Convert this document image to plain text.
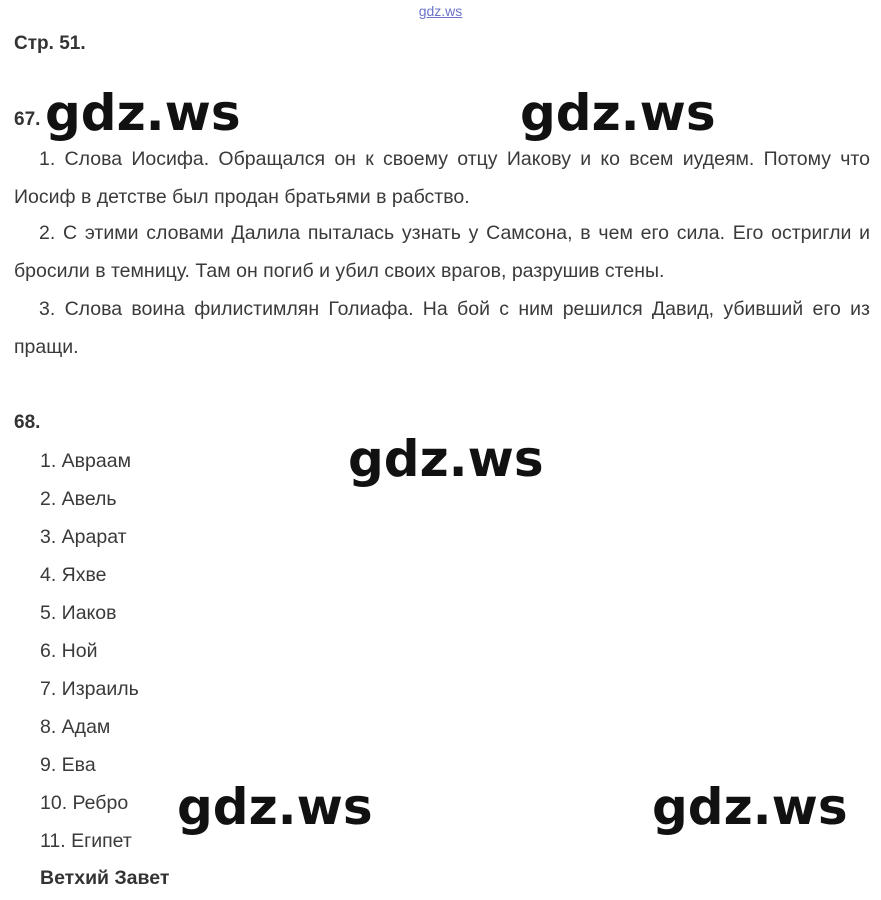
gdz.ws
Стр. 51.
67.
1. Слова Иосифа. Обращался он к своему отцу Иакову и ко всем иудеям. Потому что Иосиф в детстве был продан братьями в рабство.
2. С этими словами Далила пыталась узнать у Самсона, в чем его сила. Его остригли и бросили в темницу. Там он погиб и убил своих врагов, разрушив стены.
3. Слова воина филистимлян Голиафа. На бой с ним решился Давид, убивший его из пращи.
68.
1. Авраам
2. Авель
3. Арарат
4. Яхве
5. Иаков
6. Ной
7. Израиль
8. Адам
9. Ева
10. Ребро
11. Египет
Ветхий Завет
gdz.ws	gdz.ws
gdz.ws
gdz.ws	gdz.ws
